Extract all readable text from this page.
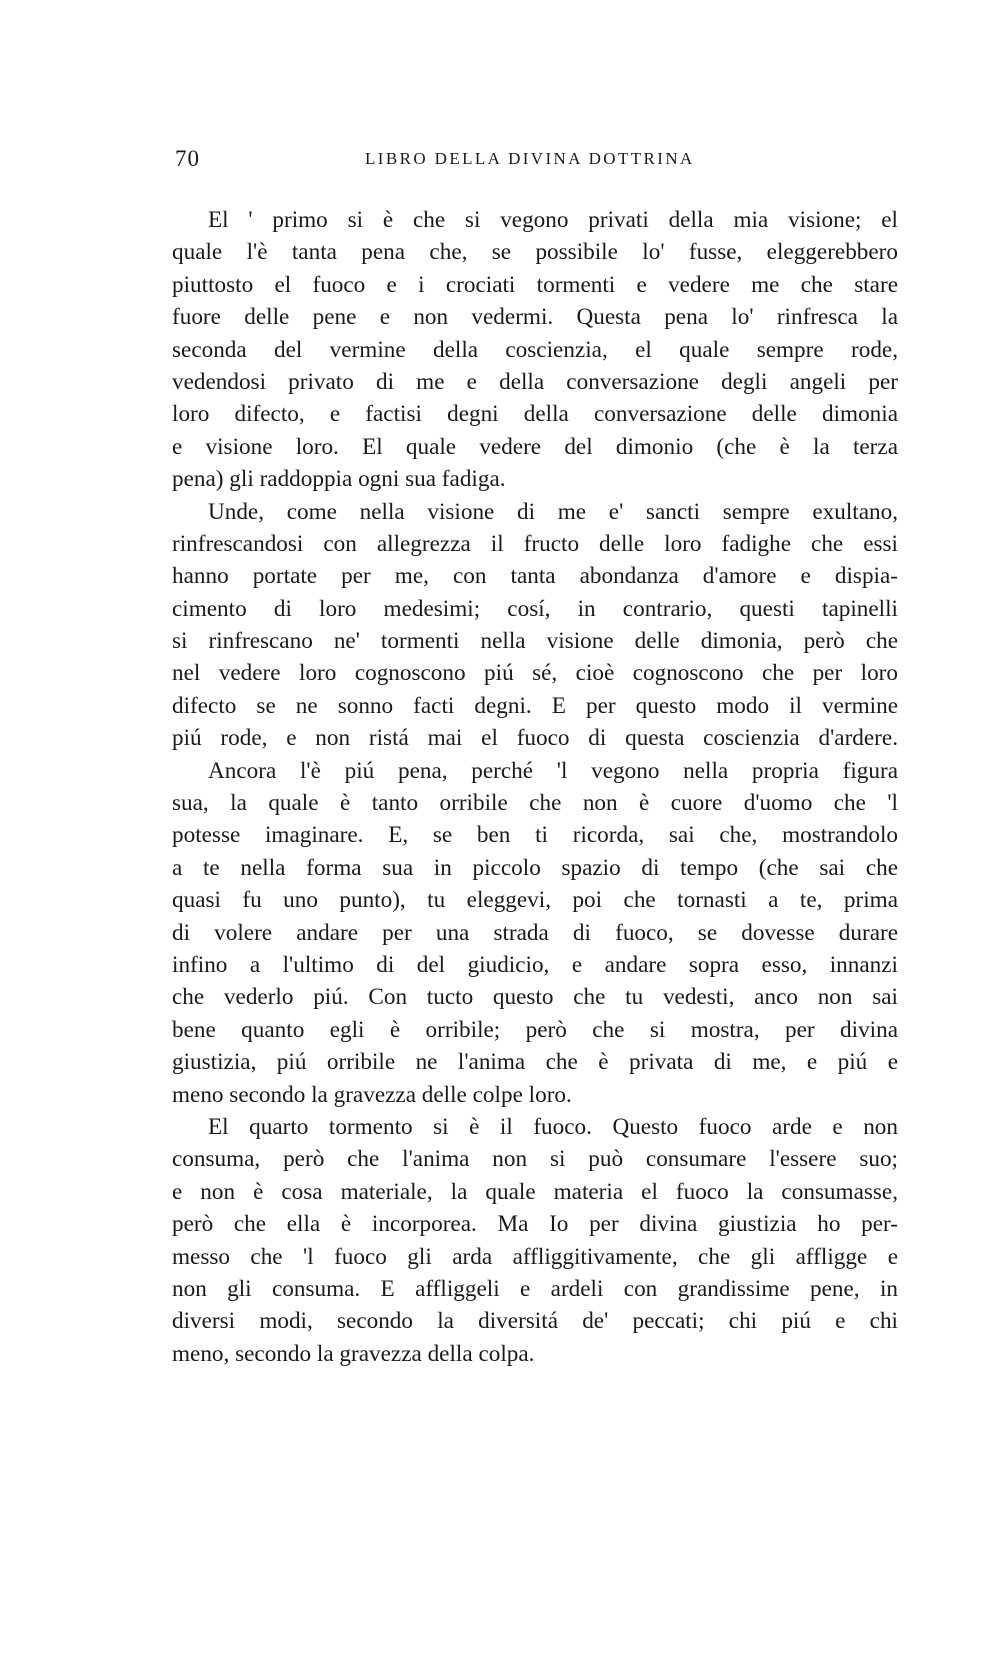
70	LIBRO DELLA DIVINA DOTTRINA
El ' primo si è che si vegono privati della mia visione; el
quale l'è tanta pena che, se possibile lo' fusse, eleggerebbero
piuttosto el fuoco e i crociati tormenti e vedere me che stare
fuore delle pene e non vedermi. Questa pena lo' rinfresca la
seconda del vermine della coscienzia, el quale sempre rode,
vedendosi privato di me e della conversazione degli angeli per
loro difecto, e factisi degni della conversazione delle dimonia
e visione loro. El quale vedere del dimonio (che è la terza
pena) gli raddoppia ogni sua fadiga.
Unde, come nella visione di me e' sancti sempre exultano,
rinfrescandosi con allegrezza il fructo delle loro fadighe che essi
hanno portate per me, con tanta abondanza d'amore e dispia-
cimento di loro medesimi; cosí, in contrario, questi tapinelli
si rinfrescano ne' tormenti nella visione delle dimonia, però che
nel vedere loro cognoscono piú sé, cioè cognoscono che per loro
difecto se ne sonno facti degni. E per questo modo il vermine
piú rode, e non ristá mai el fuoco di questa coscienzia d'ardere.
Ancora l'è piú pena, perché 'l vegono nella propria figura
sua, la quale è tanto orribile che non è cuore d'uomo che 'l
potesse imaginare. E, se ben ti ricorda, sai che, mostrandolo
a te nella forma sua in piccolo spazio di tempo (che sai che
quasi fu uno punto), tu eleggevi, poi che tornasti a te, prima
di volere andare per una strada di fuoco, se dovesse durare
infino a l'ultimo di del giudicio, e andare sopra esso, innanzi
che vederlo piú. Con tucto questo che tu vedesti, anco non sai
bene quanto egli è orribile; però che si mostra, per divina
giustizia, piú orribile ne l'anima che è privata di me, e piú e
meno secondo la gravezza delle colpe loro.
El quarto tormento si è il fuoco. Questo fuoco arde e non
consuma, però che l'anima non si può consumare l'essere suo;
e non è cosa materiale, la quale materia el fuoco la consumasse,
però che ella è incorporea. Ma Io per divina giustizia ho per-
messo che 'l fuoco gli arda affliggitivamente, che gli affligge e
non gli consuma. E affliggeli e ardeli con grandissime pene, in
diversi modi, secondo la diversitá de' peccati; chi piú e chi
meno, secondo la gravezza della colpa.
